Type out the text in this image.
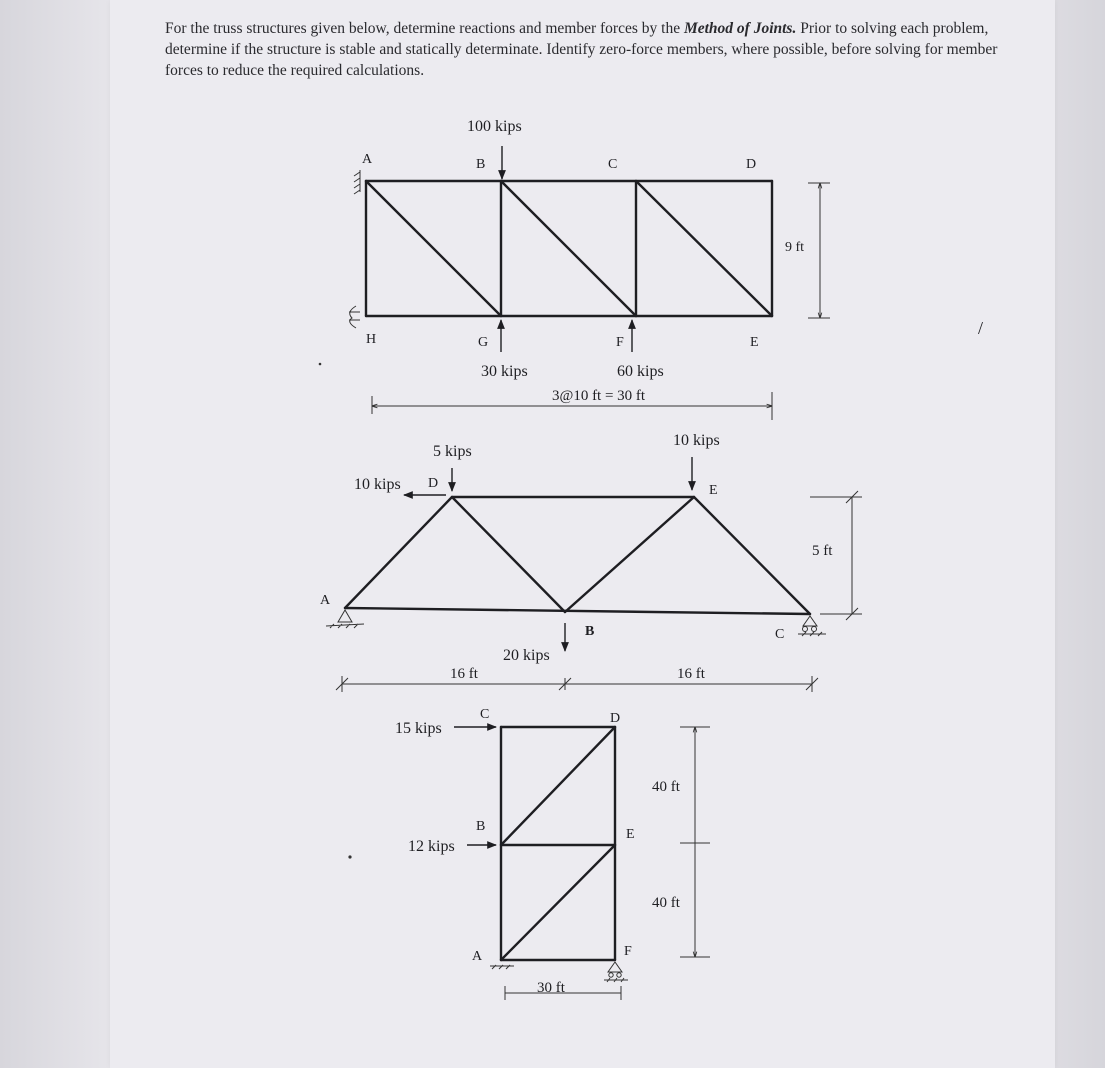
For the truss structures given below, determine reactions and member forces by the Method of Joints. Prior to solving each problem, determine if the structure is stable and statically determinate. Identify zero-force members, where possible, before solving for member forces to reduce the required calculations.
A	B	C	D
H	G	F	E
100 kips
30 kips	60 kips
3@10 ft = 30 ft
9 ft
A
B	C
D	E
5 kips
10 kips
10 kips
20 kips
16 ft	16 ft
5 ft
C	D
B
E
A	F
15 kips
12 kips
30 ft
40 ft
40 ft
/
